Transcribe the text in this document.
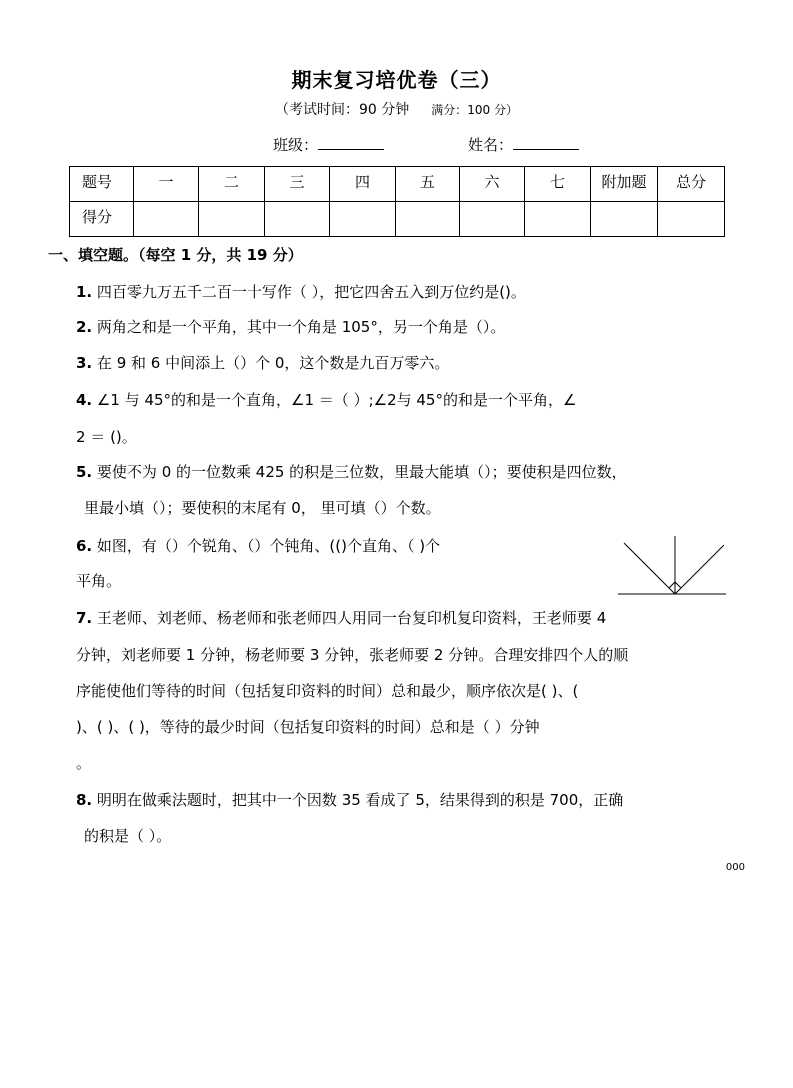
期末复习培优卷（三）
（考试时间：90 分钟 满分：100 分）
班级：	姓名：
题号	一	二	三	四	五	六	七	附加题	总分
得分									
一、填空题。（每空 1 分，共 19 分）
1. 四百零九万五千二百一十写作（ ），把它四舍五入到万位约是()。
2. 两角之和是一个平角，其中一个角是 105°，另一个角是（）。
3. 在 9 和 6 中间添上（）个 0，这个数是九百万零六。
4. ∠1 与 45°的和是一个直角，∠1 ＝（ ）;∠2与 45°的和是一个平角，∠
2 ＝ ()。
5. 要使不为 0 的一位数乘 425 的积是三位数，里最大能填（）；要使积是四位数，
里最小填（）；要使积的末尾有 0， 里可填（）个数。
6. 如图，有（）个锐角、（）个钝角、(()个直角、（ )个
平角。
7. 王老师、刘老师、杨老师和张老师四人用同一台复印机复印资料，王老师要 4
分钟，刘老师要 1 分钟，杨老师要 3 分钟，张老师要 2 分钟。合理安排四个人的顺
序能使他们等待的时间（包括复印资料的时间）总和最少，顺序依次是( )、(
)、( )、( )，等待的最少时间（包括复印资料的时间）总和是（ ）分钟
。
8. 明明在做乘法题时，把其中一个因数 35 看成了 5，结果得到的积是 700，正确
的积是（ ）。
000
